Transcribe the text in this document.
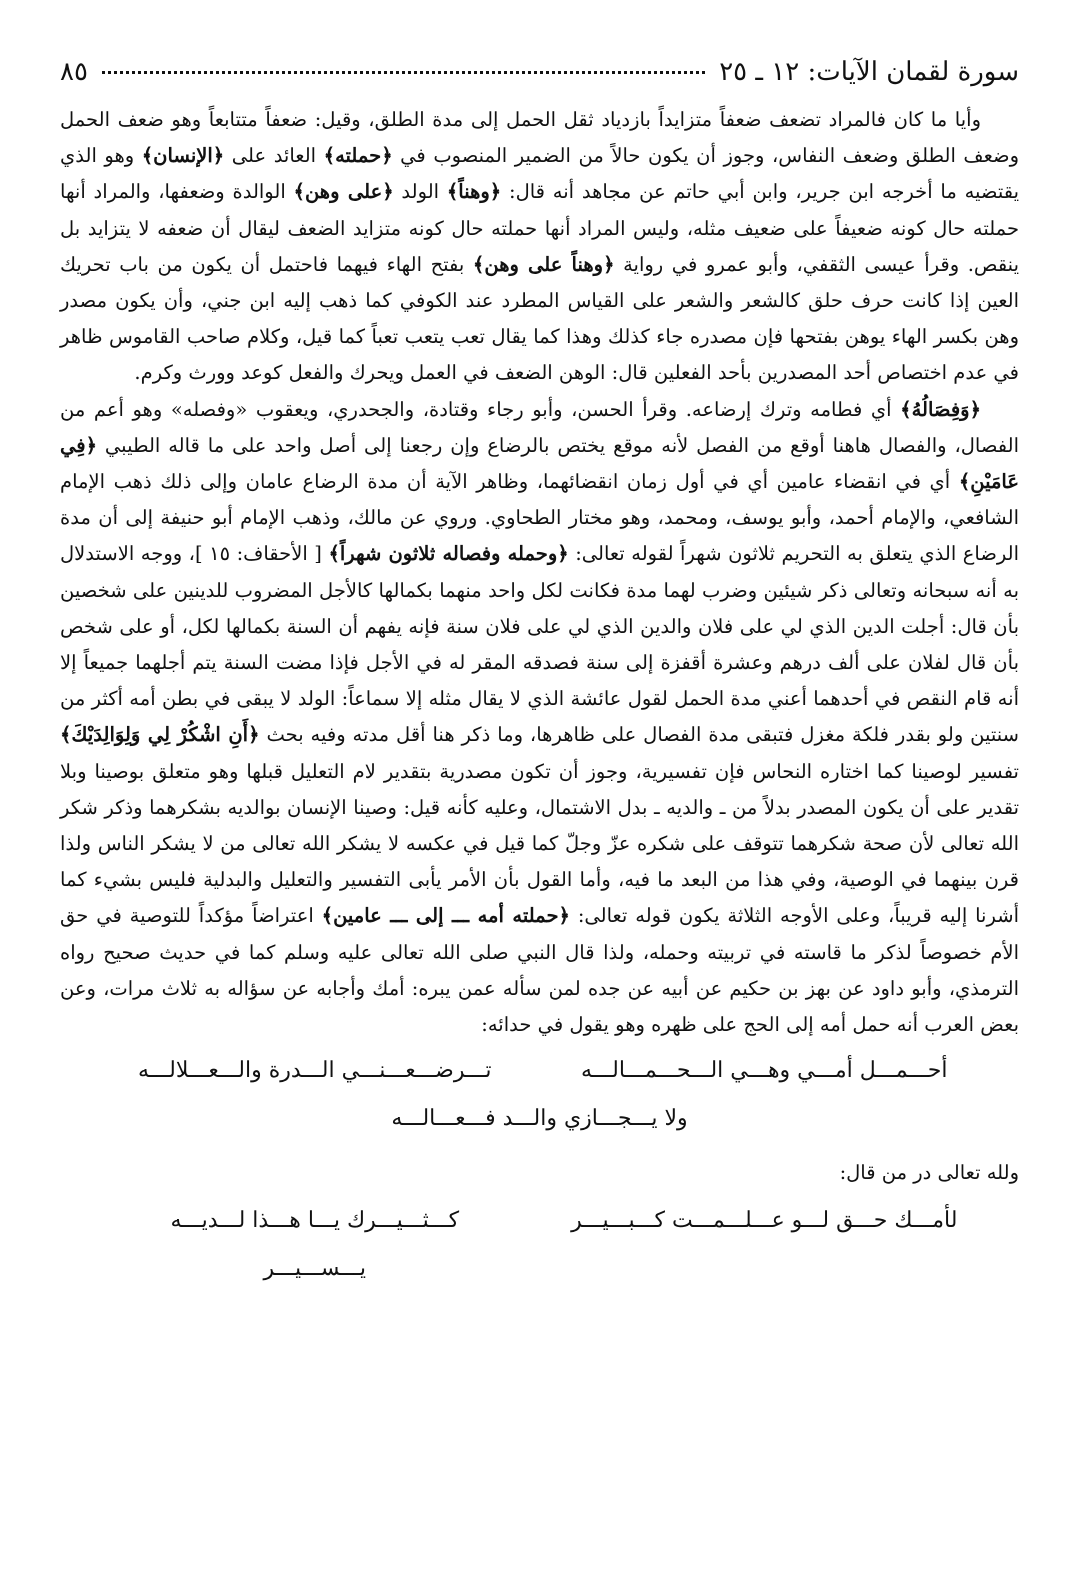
سورة لقمان الآيات: ١٢ ـ ٢٥
٨٥

وأيا ما كان فالمراد تضعف ضعفاً متزايداً بازدياد ثقل الحمل إلى مدة الطلق، وقيل: ضعفاً متتابعاً وهو ضعف الحمل وضعف الطلق وضعف النفاس، وجوز أن يكون حالاً من الضمير المنصوب في ﴿حملته﴾ العائد على ﴿الإنسان﴾ وهو الذي يقتضيه ما أخرجه ابن جرير، وابن أبي حاتم عن مجاهد أنه قال: ﴿وهناً﴾ الولد ﴿على وهن﴾ الوالدة وضعفها، والمراد أنها حملته حال كونه ضعيفاً على ضعيف مثله، وليس المراد أنها حملته حال كونه متزايد الضعف ليقال أن ضعفه لا يتزايد بل ينقص. وقرأ عيسى الثقفي، وأبو عمرو في رواية ﴿وهناً على وهن﴾ بفتح الهاء فيهما فاحتمل أن يكون من باب تحريك العين إذا كانت حرف حلق كالشعر والشعر على القياس المطرد عند الكوفي كما ذهب إليه ابن جني، وأن يكون مصدر وهن بكسر الهاء يوهن بفتحها فإن مصدره جاء كذلك وهذا كما يقال تعب يتعب تعباً كما قيل، وكلام صاحب القاموس ظاهر في عدم اختصاص أحد المصدرين بأحد الفعلين قال: الوهن الضعف في العمل ويحرك والفعل كوعد وورث وكرم.

﴿وَفِصَالُهُ﴾ أي فطامه وترك إرضاعه. وقرأ الحسن، وأبو رجاء وقتادة، والجحدري، ويعقوب «وفصله» وهو أعم من الفصال، والفصال هاهنا أوقع من الفصل لأنه موقع يختص بالرضاع وإن رجعنا إلى أصل واحد على ما قاله الطيبي ﴿فِي عَامَيْنِ﴾ أي في انقضاء عامين أي في أول زمان انقضائهما، وظاهر الآية أن مدة الرضاع عامان وإلى ذلك ذهب الإمام الشافعي، والإمام أحمد، وأبو يوسف، ومحمد، وهو مختار الطحاوي. وروي عن مالك، وذهب الإمام أبو حنيفة إلى أن مدة الرضاع الذي يتعلق به التحريم ثلاثون شهراً لقوله تعالى: ﴿وحمله وفصاله ثلاثون شهراً﴾ [ الأحقاف: ١٥ ]، ووجه الاستدلال به أنه سبحانه وتعالى ذكر شيئين وضرب لهما مدة فكانت لكل واحد منهما بكمالها كالأجل المضروب للدينين على شخصين بأن قال: أجلت الدين الذي لي على فلان والدين الذي لي على فلان سنة فإنه يفهم أن السنة بكمالها لكل، أو على شخص بأن قال لفلان على ألف درهم وعشرة أقفزة إلى سنة فصدقه المقر له في الأجل فإذا مضت السنة يتم أجلهما جميعاً إلا أنه قام النقص في أحدهما أعني مدة الحمل لقول عائشة الذي لا يقال مثله إلا سماعاً: الولد لا يبقى في بطن أمه أكثر من سنتين ولو بقدر فلكة مغزل فتبقى مدة الفصال على ظاهرها، وما ذكر هنا أقل مدته وفيه بحث ﴿أَنِ اشْكُرْ لِي وَلِوَالِدَيْكَ﴾ تفسير لوصينا كما اختاره النحاس فإن تفسيرية، وجوز أن تكون مصدرية بتقدير لام التعليل قبلها وهو متعلق بوصينا وبلا تقدير على أن يكون المصدر بدلاً من ـ والديه ـ بدل الاشتمال، وعليه كأنه قيل: وصينا الإنسان بوالديه بشكرهما وذكر شكر الله تعالى لأن صحة شكرهما تتوقف على شكره عزّ وجلّ كما قيل في عكسه لا يشكر الله تعالى من لا يشكر الناس ولذا قرن بينهما في الوصية، وفي هذا من البعد ما فيه، وأما القول بأن الأمر يأبى التفسير والتعليل والبدلية فليس بشيء كما أشرنا إليه قريباً، وعلى الأوجه الثلاثة يكون قوله تعالى: ﴿حملته أمه ـــ إلى ـــ عامين﴾ اعتراضاً مؤكداً للتوصية في حق الأم خصوصاً لذكر ما قاسته في تربيته وحمله، ولذا قال النبي صلى الله تعالى عليه وسلم كما في حديث صحيح رواه الترمذي، وأبو داود عن بهز بن حكيم عن أبيه عن جده لمن سأله عمن يبره: أمك وأجابه عن سؤاله به ثلاث مرات، وعن بعض العرب أنه حمل أمه إلى الحج على ظهره وهو يقول في حدائه:

أحـــمـــل أمـــي وهـــي الـــحـــمـــالـــه
تـــرضـــعـــنـــي الـــدرة والـــعـــلالـــه
ولا يـــجـــازي والـــد فـــعـــالـــه
ولله تعالى در من قال:
لأمـــك حـــق لـــو عـــلـــمـــت كـــبـــيـــر
كـــثـــيـــرك يـــا هـــذا لـــديـــه يـــســـيـــر
